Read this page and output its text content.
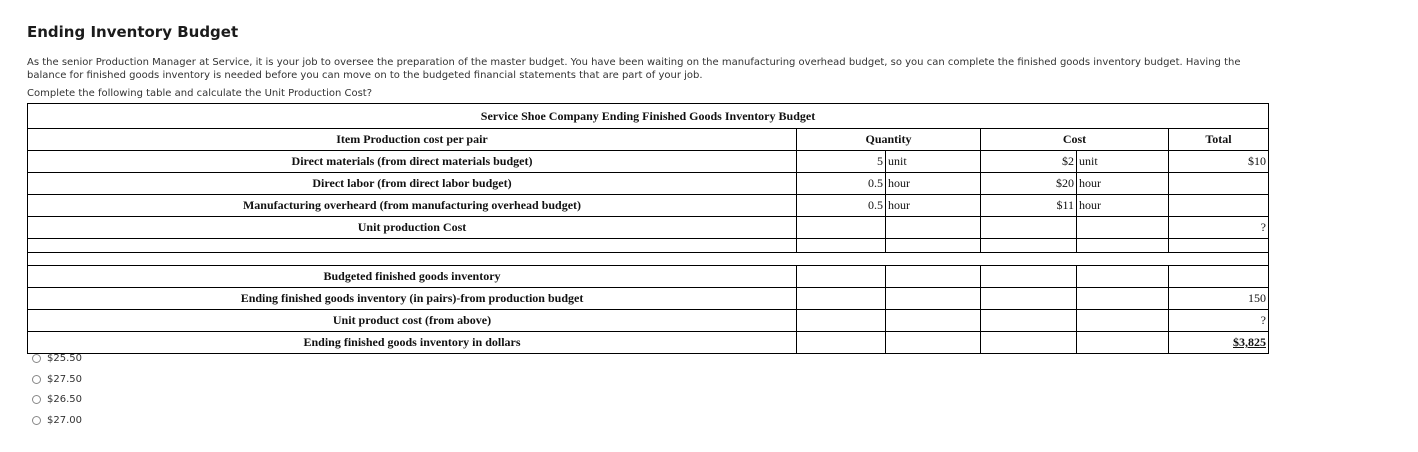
Ending Inventory Budget
As the senior Production Manager at Service, it is your job to oversee the preparation of the master budget. You have been waiting on the manufacturing overhead budget, so you can complete the finished goods inventory budget. Having the balance for finished goods inventory is needed before you can move on to the budgeted financial statements that are part of your job.
Complete the following table and calculate the Unit Production Cost?
Service Shoe Company Ending Finished Goods Inventory Budget					
Item Production cost per pair	Quantity		Cost		Total
Direct materials (from direct materials budget)	5	unit	$2	unit	$10
Direct labor (from direct labor budget)	0.5	hour	$20	hour	
Manufacturing overheard (from manufacturing overhead budget)	0.5	hour	$11	hour	
Unit production Cost					?

Budgeted finished goods inventory					
Ending finished goods inventory (in pairs)-from production budget					150
Unit product cost (from above)					?
Ending finished goods inventory in dollars					$3,825
$25.50
$27.50
$26.50
$27.00
